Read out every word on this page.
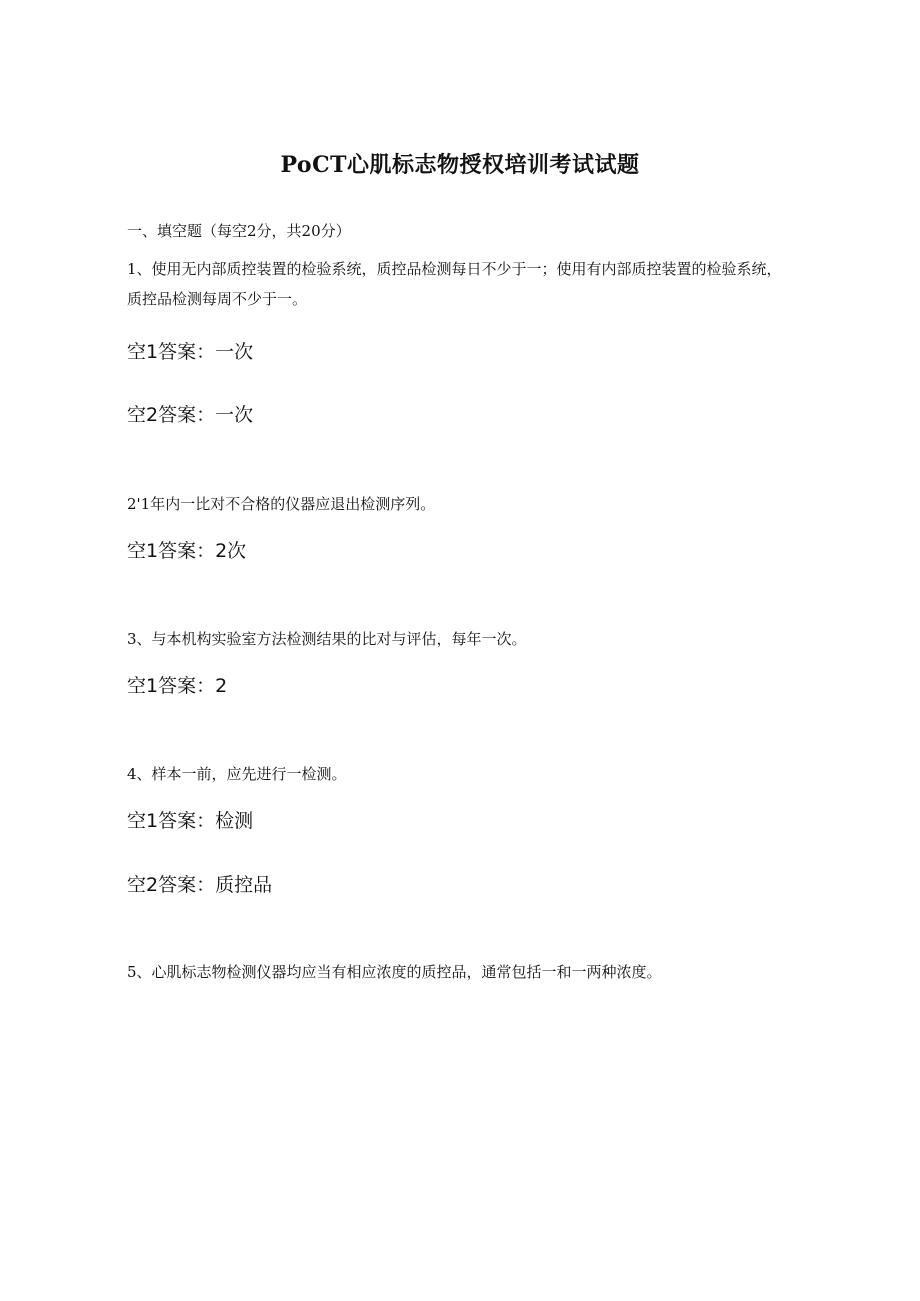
PoCT心肌标志物授权培训考试试题
一、填空题（每空2分，共20分）
1、使用无内部质控装置的检验系统，质控品检测每日不少于一；使用有内部质控装置的检验系统，质控品检测每周不少于一。
空1答案：一次
空2答案：一次
2'1年内一比对不合格的仪器应退出检测序列。
空1答案：2次
3、与本机构实验室方法检测结果的比对与评估，每年一次。
空1答案：2
4、样本一前，应先进行一检测。
空1答案：检测
空2答案：质控品
5、心肌标志物检测仪器均应当有相应浓度的质控品，通常包括一和一两种浓度。
